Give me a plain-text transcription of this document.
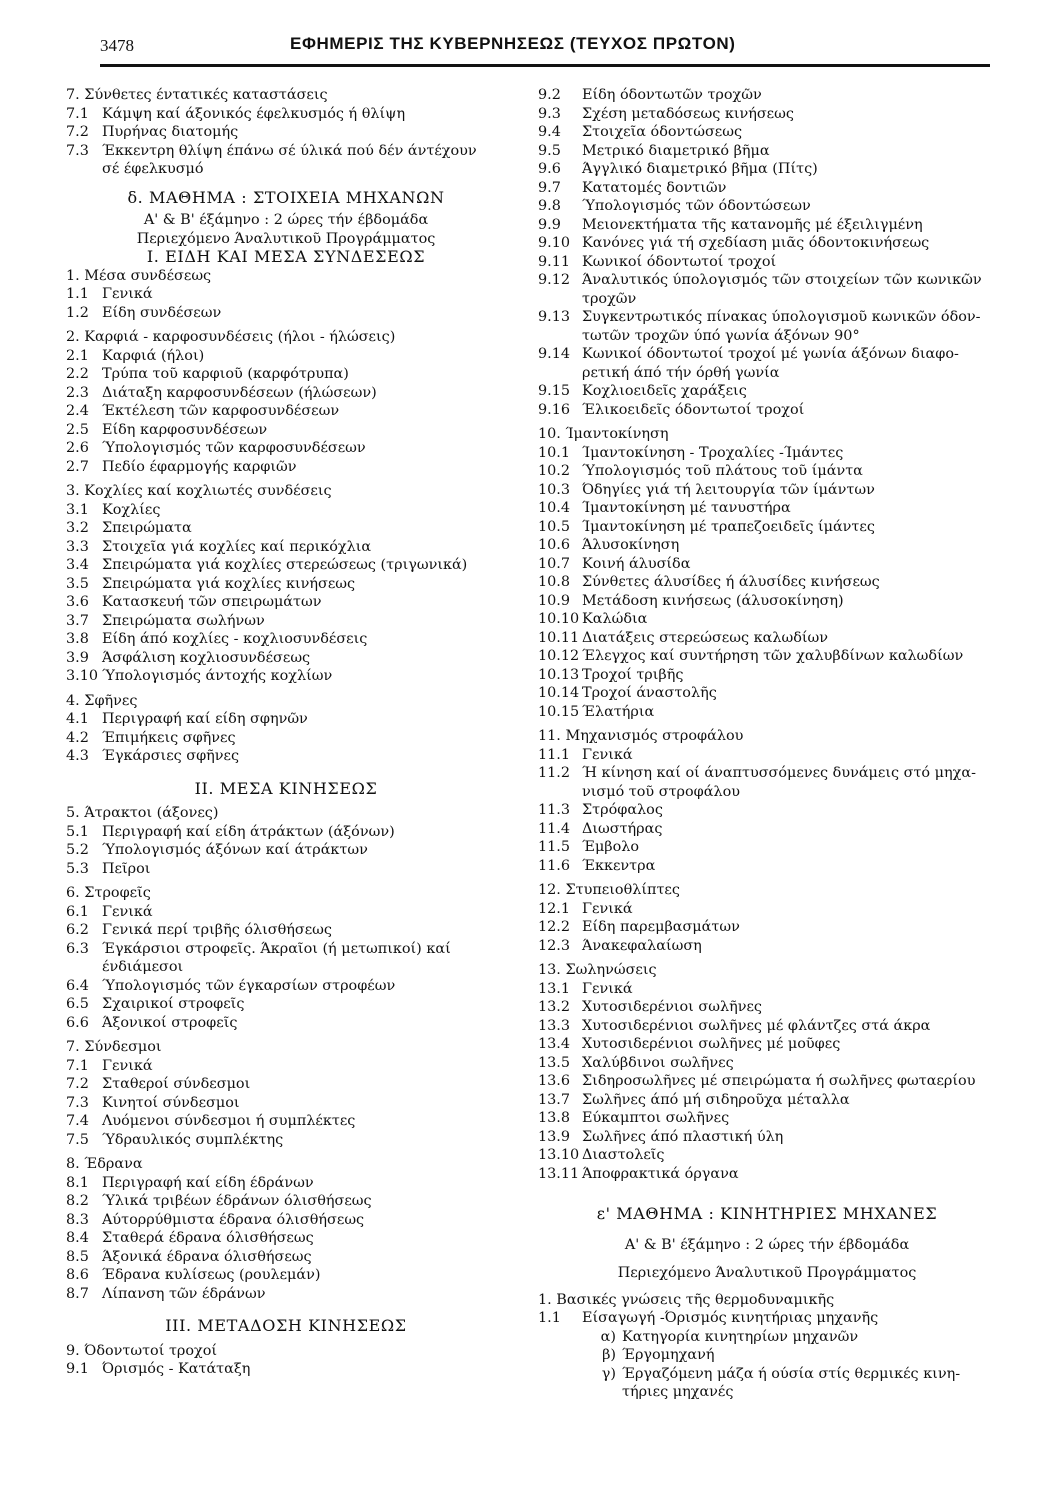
3478	ΕΦΗΜΕΡΙΣ ΤΗΣ ΚΥΒΕΡΝΗΣΕΩΣ (ΤΕΥΧΟΣ ΠΡΩΤΟΝ)
7. Σύνθετες έντατικές καταστάσεις
7.1 Κάμψη καί άξονικός έφελκυσμός ή θλίψη
7.2 Πυρήνας διατομής
7.3 Έκκεντρη θλίψη έπάνω σέ ύλικά πού δέν άντέχουν
σέ έφελκυσμό
δ. ΜΑΘΗΜΑ : ΣΤΟΙΧΕΙΑ ΜΗΧΑΝΩΝ
Α' & Β' έξάμηνο : 2 ώρες τήν έβδομάδα
Περιεχόμενο Άναλυτικοῦ Προγράμματος
Ι. ΕΙΔΗ ΚΑΙ ΜΕΣΑ ΣΥΝΔΕΣΕΩΣ
1. Μέσα συνδέσεως
1.1 Γενικά
1.2 Είδη συνδέσεων
2. Καρφιά - καρφοσυνδέσεις (ήλοι - ήλώσεις)
2.1 Καρφιά (ήλοι)
2.2 Τρύπα τοῦ καρφιοῦ (καρφότρυπα)
2.3 Διάταξη καρφοσυνδέσεων (ήλώσεων)
2.4 Έκτέλεση τῶν καρφοσυνδέσεων
2.5 Είδη καρφοσυνδέσεων
2.6 Ύπολογισμός τῶν καρφοσυνδέσεων
2.7 Πεδίο έφαρμογής καρφιῶν
3. Κοχλίες καί κοχλιωτές συνδέσεις
3.1 Κοχλίες
3.2 Σπειρώματα
3.3 Στοιχεῖα γιά κοχλίες καί περικόχλια
3.4 Σπειρώματα γιά κοχλίες στερεώσεως (τριγωνικά)
3.5 Σπειρώματα γιά κοχλίες κινήσεως
3.6 Κατασκευή τῶν σπειρωμάτων
3.7 Σπειρώματα σωλήνων
3.8 Είδη άπό κοχλίες - κοχλιοσυνδέσεις
3.9 Άσφάλιση κοχλιοσυνδέσεως
3.10 Ύπολογισμός άντοχής κοχλίων
4. Σφῆνες
4.1 Περιγραφή καί είδη σφηνῶν
4.2 Έπιμήκεις σφῆνες
4.3 Έγκάρσιες σφῆνες
ΙΙ. ΜΕΣΑ ΚΙΝΗΣΕΩΣ
5. Άτρακτοι (άξονες)
5.1 Περιγραφή καί είδη άτράκτων (άξόνων)
5.2 Ύπολογισμός άξόνων καί άτράκτων
5.3 Πεῖροι
6. Στροφεῖς
6.1 Γενικά
6.2 Γενικά περί τριβῆς όλισθήσεως
6.3 Έγκάρσιοι στροφεῖς. Άκραῖοι (ή μετωπικοί) καί
ένδιάμεσοι
6.4 Ύπολογισμός τῶν έγκαρσίων στροφέων
6.5 Σχαιρικοί στροφεῖς
6.6 Άξονικοί στροφεῖς
7. Σύνδεσμοι
7.1 Γενικά
7.2 Σταθεροί σύνδεσμοι
7.3 Κινητοί σύνδεσμοι
7.4 Λυόμενοι σύνδεσμοι ή συμπλέκτες
7.5 Ύδραυλικός συμπλέκτης
8. Έδρανα
8.1 Περιγραφή καί είδη έδράνων
8.2 Ύλικά τριβέων έδράνων όλισθήσεως
8.3 Αύτορρύθμιστα έδρανα όλισθήσεως
8.4 Σταθερά έδρανα όλισθήσεως
8.5 Άξονικά έδρανα όλισθήσεως
8.6 Έδρανα κυλίσεως (ρουλεμάν)
8.7 Λίπανση τῶν έδράνων
ΙΙΙ. ΜΕΤΑΔΟΣΗ ΚΙΝΗΣΕΩΣ
9. Όδοντωτοί τροχοί
9.1 Όρισμός - Κατάταξη
9.2 Είδη όδοντωτῶν τροχῶν
9.3 Σχέση μεταδόσεως κινήσεως
9.4 Στοιχεῖα όδοντώσεως
9.5 Μετρικό διαμετρικό βῆμα
9.6 Άγγλικό διαμετρικό βῆμα (Πίτς)
9.7 Κατατομές δοντιῶν
9.8 Ύπολογισμός τῶν όδοντώσεων
9.9 Μειονεκτήματα τῆς κατανομῆς μέ έξειλιγμένη
9.10 Κανόνες γιά τή σχεδίαση μιᾶς όδοντοκινήσεως
9.11 Κωνικοί όδοντωτοί τροχοί
9.12 Άναλυτικός ύπολογισμός τῶν στοιχείων τῶν κωνικῶν
τροχῶν
9.13 Συγκεντρωτικός πίνακας ύπολογισμοῦ κωνικῶν όδον-
τωτῶν τροχῶν ύπό γωνία άξόνων 90°
9.14 Κωνικοί όδοντωτοί τροχοί μέ γωνία άξόνων διαφο-
ρετική άπό τήν όρθή γωνία
9.15 Κοχλιοειδεῖς χαράξεις
9.16 Έλικοειδεῖς όδοντωτοί τροχοί
10. Ίμαντοκίνηση
10.1 Ίμαντοκίνηση - Τροχαλίες -Ίμάντες
10.2 Ύπολογισμός τοῦ πλάτους τοῦ ίμάντα
10.3 Όδηγίες γιά τή λειτουργία τῶν ίμάντων
10.4 Ίμαντοκίνηση μέ τανυστήρα
10.5 Ίμαντοκίνηση μέ τραπεζοειδεῖς ίμάντες
10.6 Άλυσοκίνηση
10.7 Κοινή άλυσίδα
10.8 Σύνθετες άλυσίδες ή άλυσίδες κινήσεως
10.9 Μετάδοση κινήσεως (άλυσοκίνηση)
10.10 Καλώδια
10.11 Διατάξεις στερεώσεως καλωδίων
10.12 Έλεγχος καί συντήρηση τῶν χαλυβδίνων καλωδίων
10.13 Τροχοί τριβῆς
10.14 Τροχοί άναστολῆς
10.15 Έλατήρια
11. Μηχανισμός στροφάλου
11.1 Γενικά
11.2 Ή κίνηση καί οί άναπτυσσόμενες δυνάμεις στό μηχα-
νισμό τοῦ στροφάλου
11.3 Στρόφαλος
11.4 Διωστήρας
11.5 Έμβολο
11.6 Έκκεντρα
12. Στυπειοθλίπτες
12.1 Γενικά
12.2 Είδη παρεμβασμάτων
12.3 Άνακεφαλαίωση
13. Σωληνώσεις
13.1 Γενικά
13.2 Χυτοσιδερένιοι σωλῆνες
13.3 Χυτοσιδερένιοι σωλῆνες μέ φλάντζες στά άκρα
13.4 Χυτοσιδερένιοι σωλῆνες μέ μοῦφες
13.5 Χαλύβδινοι σωλῆνες
13.6 Σιδηροσωλῆνες μέ σπειρώματα ή σωλῆνες φωταερίου
13.7 Σωλῆνες άπό μή σιδηροῦχα μέταλλα
13.8 Εύκαμπτοι σωλῆνες
13.9 Σωλῆνες άπό πλαστική ύλη
13.10 Διαστολεῖς
13.11 Άποφρακτικά όργανα
ε' ΜΑΘΗΜΑ : ΚΙΝΗΤΗΡΙΕΣ ΜΗΧΑΝΕΣ
Α' & Β' έξάμηνο : 2 ώρες τήν έβδομάδα
Περιεχόμενο Άναλυτικοῦ Προγράμματος
1. Βασικές γνώσεις τῆς θερμοδυναμικῆς
1.1 Είσαγωγή -Όρισμός κινητήριας μηχανῆς
α) Κατηγορία κινητηρίων μηχανῶν
β) Έργομηχανή
γ) Έργαζόμενη μάζα ή ούσία στίς θερμικές κινη-
τήριες μηχανές
